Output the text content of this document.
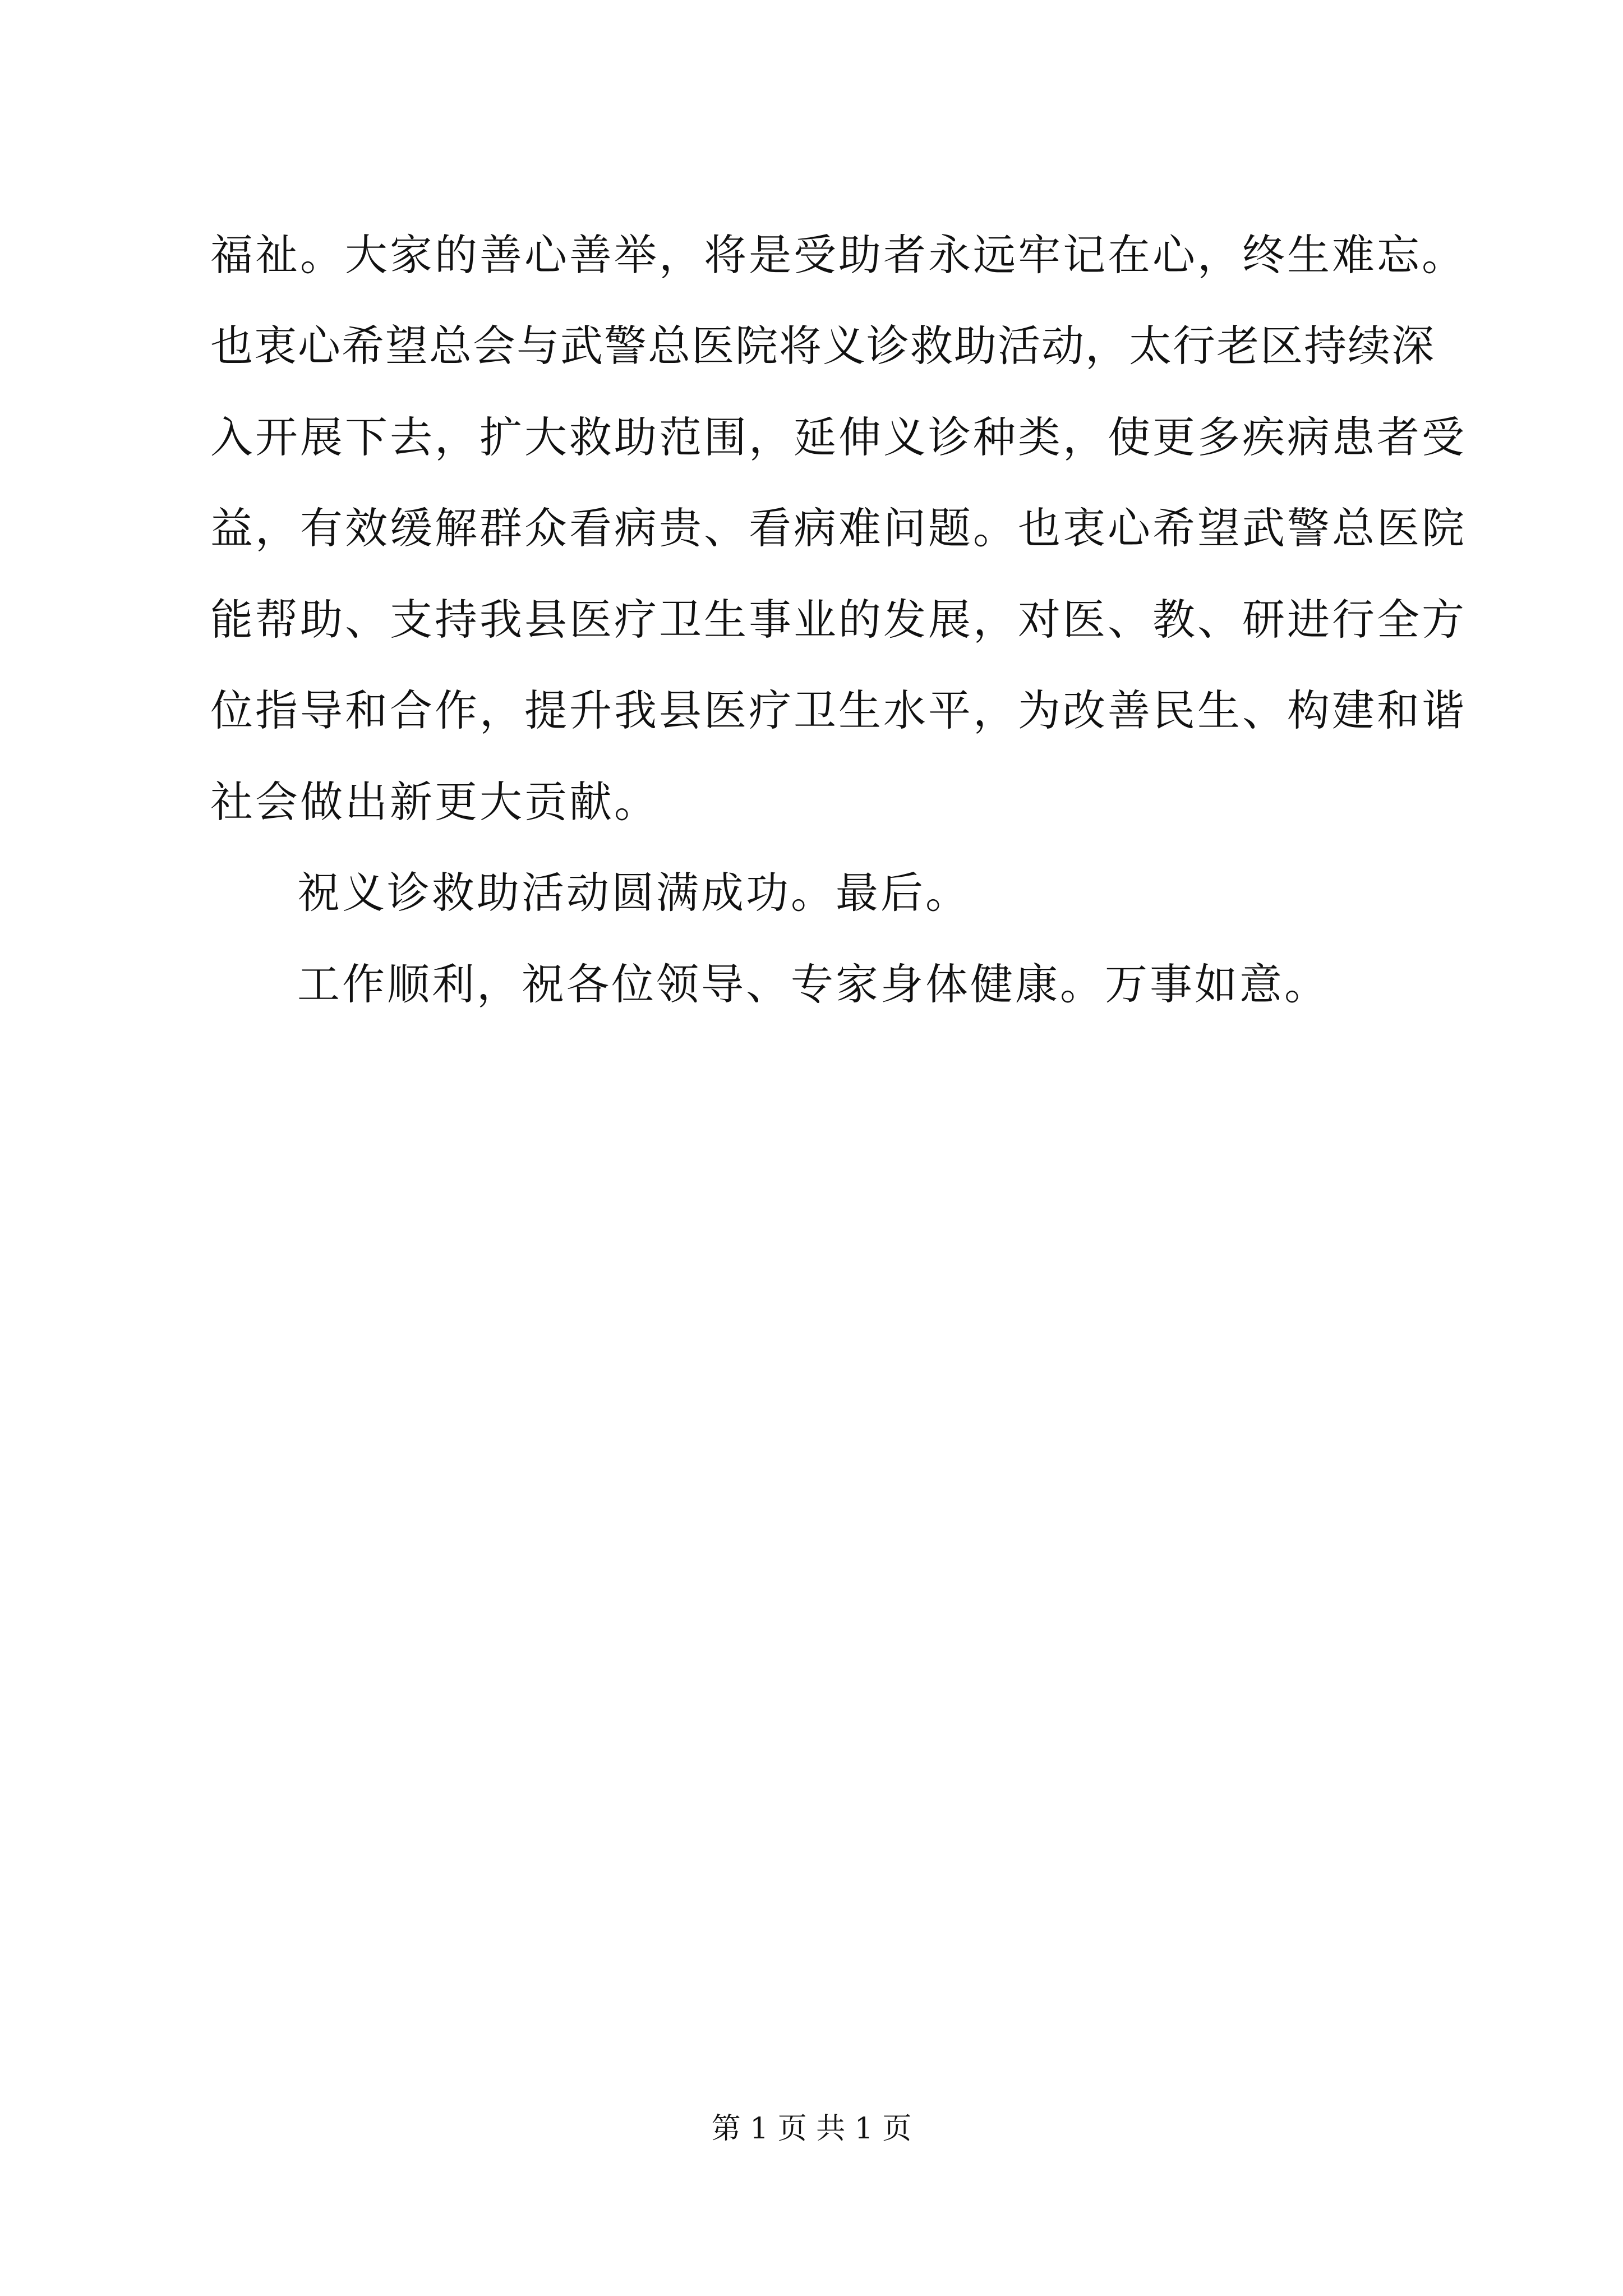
福祉。大家的善心善举，将是受助者永远牢记在心，终生难忘。
也衷心希望总会与武警总医院将义诊救助活动，太行老区持续深
入开展下去，扩大救助范围，延伸义诊种类，使更多疾病患者受
益，有效缓解群众看病贵、看病难问题。也衷心希望武警总医院
能帮助、支持我县医疗卫生事业的发展，对医、教、研进行全方
位指导和合作，提升我县医疗卫生水平，为改善民生、构建和谐
社会做出新更大贡献。
祝义诊救助活动圆满成功。最后。
工作顺利，祝各位领导、专家身体健康。万事如意。
第 1 页 共 1 页
